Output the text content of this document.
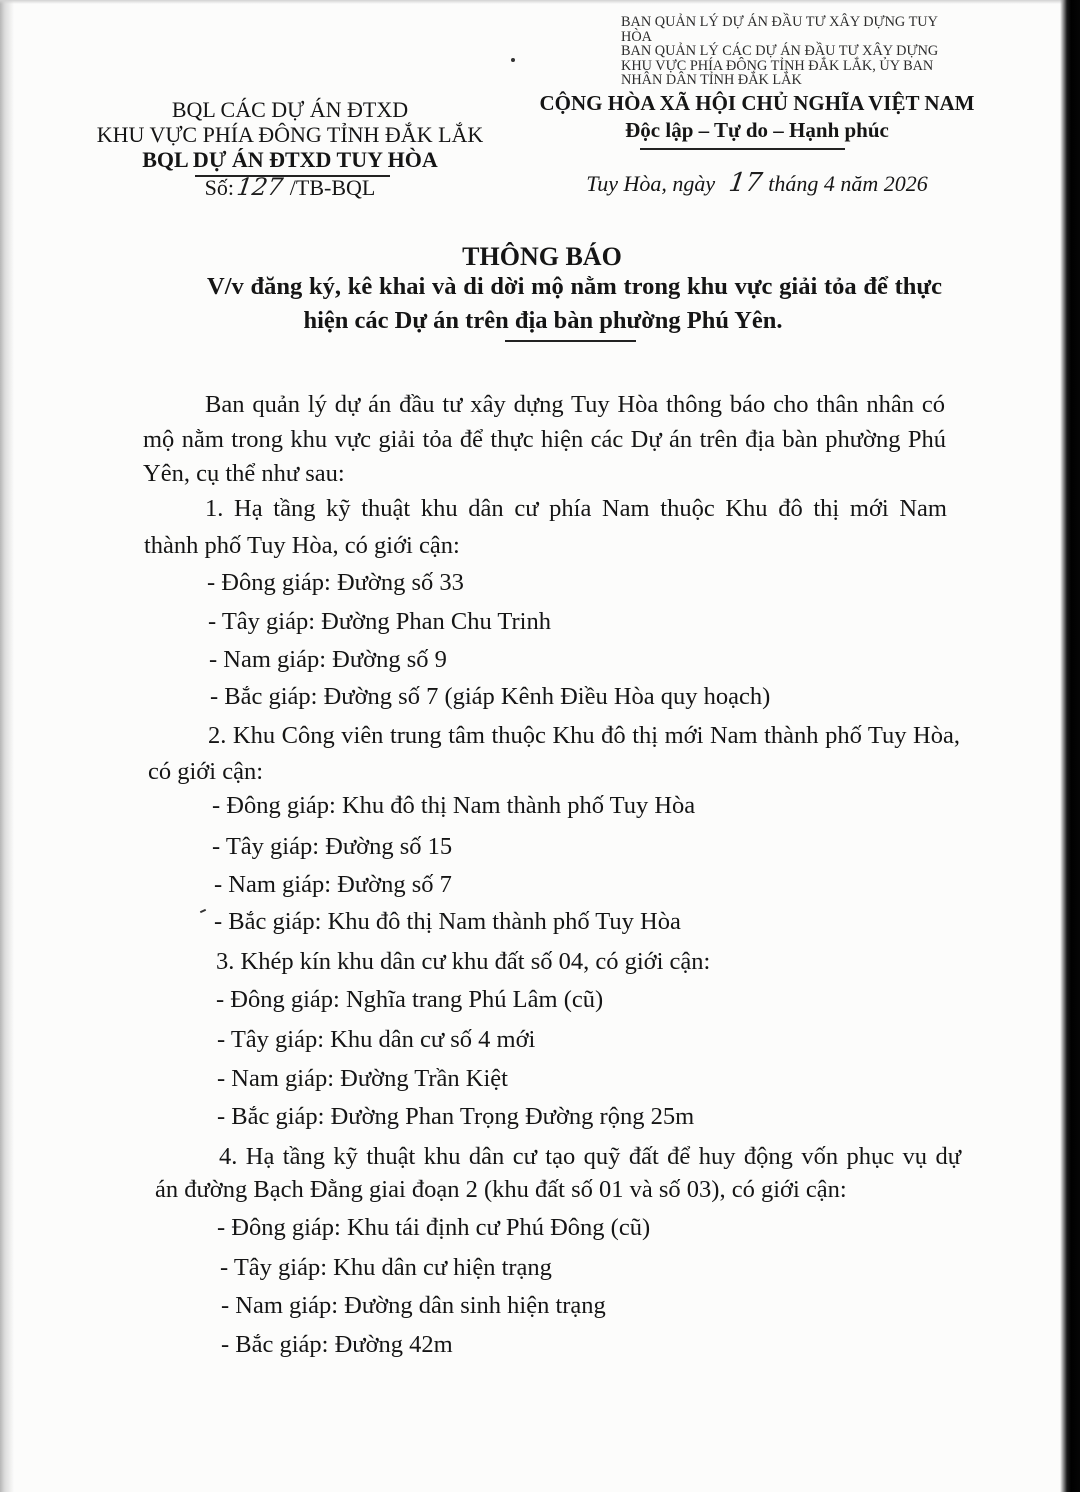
BAN QUẢN LÝ DỰ ÁN ĐẦU TƯ XÂY DỰNG TUY
HÒA
BAN QUẢN LÝ CÁC DỰ ÁN ĐẦU TƯ XÂY DỰNG
KHU VỰC PHÍA ĐÔNG TỈNH ĐẮK LẮK, ỦY BAN
NHÂN DÂN TỈNH ĐẮK LẮK
BQL CÁC DỰ ÁN ĐTXD
KHU VỰC PHÍA ĐÔNG TỈNH ĐẮK LẮK
BQL DỰ ÁN ĐTXD TUY HÒA
Số:127 /TB-BQL
CỘNG HÒA XÃ HỘI CHỦ NGHĨA VIỆT NAM
Độc lập – Tự do – Hạnh phúc
Tuy Hòa, ngày 17 tháng 4 năm 2026
THÔNG BÁO
V/v đăng ký, kê khai và di dời mộ nằm trong khu vực giải tỏa để thực
hiện các Dự án trên địa bàn phường Phú Yên.
Ban quản lý dự án đầu tư xây dựng Tuy Hòa thông báo cho thân nhân có
mộ nằm trong khu vực giải tỏa để thực hiện các Dự án trên địa bàn phường Phú
Yên, cụ thể như sau:
1. Hạ tầng kỹ thuật khu dân cư phía Nam thuộc Khu đô thị mới Nam
thành phố Tuy Hòa, có giới cận:
- Đông giáp: Đường số 33
- Tây giáp: Đường Phan Chu Trinh
- Nam giáp: Đường số 9
- Bắc giáp: Đường số 7 (giáp Kênh Điều Hòa quy hoạch)
2. Khu Công viên trung tâm thuộc Khu đô thị mới Nam thành phố Tuy Hòa,
có giới cận:
- Đông giáp: Khu đô thị Nam thành phố Tuy Hòa
- Tây giáp: Đường số 15
- Nam giáp: Đường số 7
- Bắc giáp: Khu đô thị Nam thành phố Tuy Hòa
3. Khép kín khu dân cư khu đất số 04, có giới cận:
- Đông giáp: Nghĩa trang Phú Lâm (cũ)
- Tây giáp: Khu dân cư số 4 mới
- Nam giáp: Đường Trần Kiệt
- Bắc giáp: Đường Phan Trọng Đường rộng 25m
4. Hạ tầng kỹ thuật khu dân cư tạo quỹ đất để huy động vốn phục vụ dự
án đường Bạch Đằng giai đoạn 2 (khu đất số 01 và số 03), có giới cận:
- Đông giáp: Khu tái định cư Phú Đông (cũ)
- Tây giáp: Khu dân cư hiện trạng
- Nam giáp: Đường dân sinh hiện trạng
- Bắc giáp: Đường 42m
